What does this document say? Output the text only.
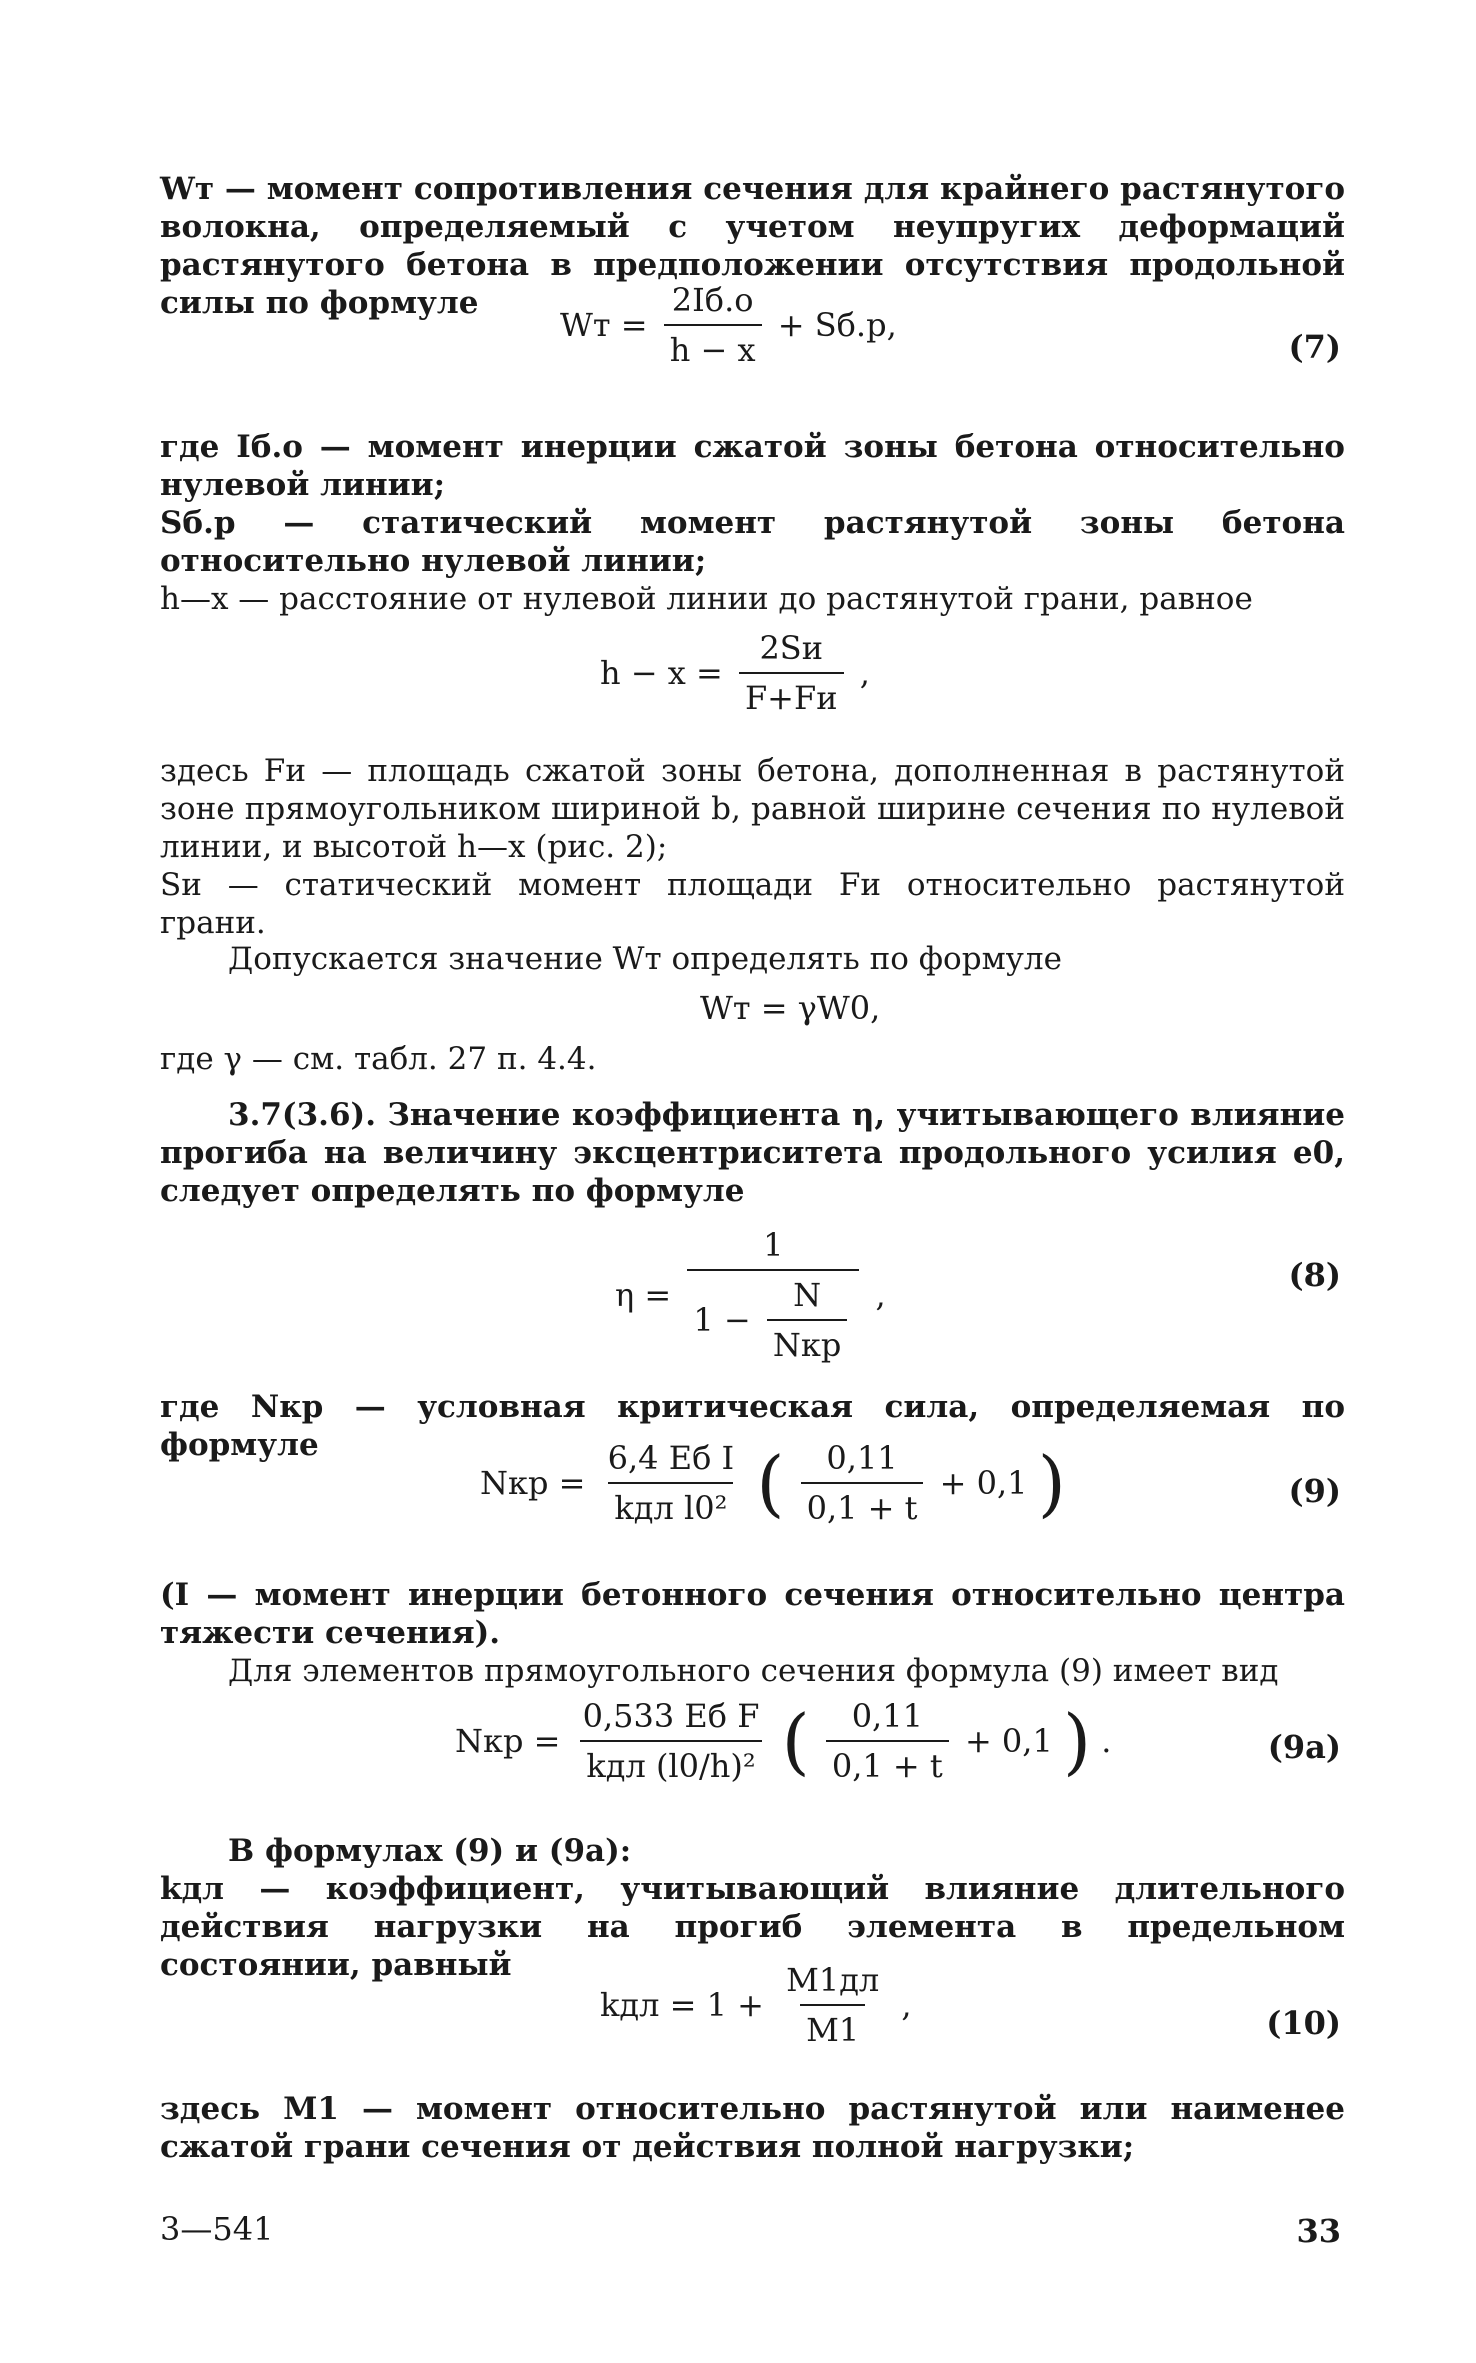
Wт — момент сопротивления сечения для крайнего растянутого волокна, определяемый с учетом неупругих деформаций растянутого бетона в предположении отсутствия продольной силы по формуле

Wт = $\frac{2Iб.о}{h - x} + Sб.р$,
(7)

где Iб.о — момент инерции сжатой зоны бетона относительно нулевой линии;

Sб.р — статический момент растянутой зоны бетона относительно нулевой линии;

h—x — расстояние от нулевой линии до растянутой грани, равное

$h - x = \frac{2Sи}{F+Fи}$ ,

здесь Fи — площадь сжатой зоны бетона, дополненная в растянутой зоне прямоугольником шириной b, равной ширине сечения по нулевой линии, и высотой h—x (рис. 2);

Sи — статический момент площади Fи относительно растянутой грани.

Допускается значение Wт определять по формуле

Wт = γW0,

где γ — см. табл. 27 п. 4.4.

3.7(3.6). Значение коэффициента η, учитывающего влияние прогиба на величину эксцентриситета продольного усилия e0, следует определять по формуле

$\eta = \frac{1}{1 - \frac{N}{\text{Nкр}}}$ ,
(8)

где Nкр — условная критическая сила, определяемая по формуле

Nкр = $\frac{\text{6,4 Eб I}}{\text{kдл l0²}}$ ( $\frac{0,11}{0,1 + t} + 0,1$ )	(9)

(I — момент инерции бетонного сечения относительно центра тяжести сечения).

Для элементов прямоугольного сечения формула (9) имеет вид

Nкр = $\frac{\text{0,533 Eб F}}{\text{kдл (l0/h)²}}$ ( $\frac{0,11}{0,1 + t} + 0,1$ ) .	(9а)

В формулах (9) и (9а):

kдл — коэффициент, учитывающий влияние длительного действия нагрузки на прогиб элемента в предельном состоянии, равный

kдл = $1 + \frac{M1дл}{M1}$ ,	(10)

здесь M1 — момент относительно растянутой или наименее сжатой грани сечения от действия полной нагрузки;

3—541	33
